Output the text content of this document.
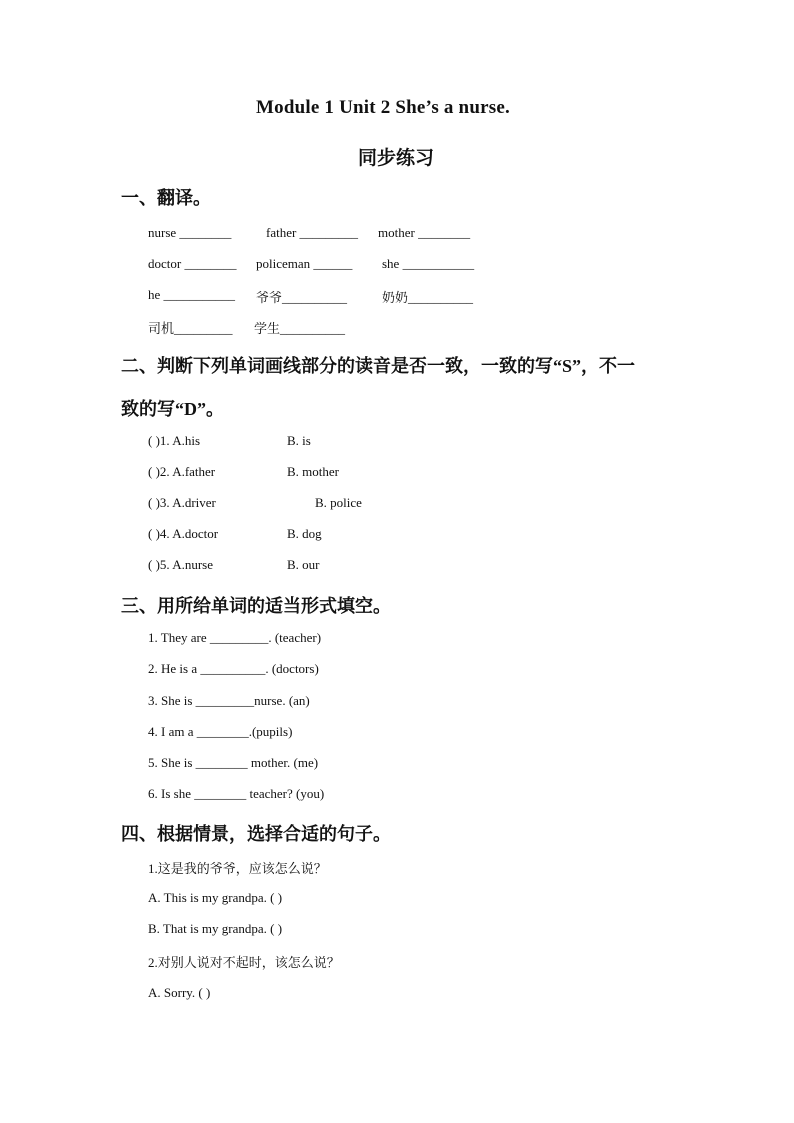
Module 1 Unit 2 She’s a nurse.
同步练习
一、翻译。
nurse ________	father _________ mother ________
doctor ________ policeman ______ she ___________
he ___________ 爷爷__________	奶奶__________
司机_________ 学生__________
二、判断下列单词画线部分的读音是否一致，一致的写“S”，不一
致的写“D”。
( )1. A.his	B. is
( )2. A.father	B. mother
( )3. A.driver	B. police
( )4. A.doctor	B. dog
( )5. A.nurse	B. our
三、用所给单词的适当形式填空。
1. They are _________. (teacher)
2. He is a __________. (doctors)
3. She is _________nurse. (an)
4. I am a ________.(pupils)
5. She is ________ mother. (me)
6. Is she ________ teacher? (you)
四、根据情景，选择合适的句子。
1.这是我的爷爷，应该怎么说？
A. This is my grandpa. ( )
B. That is my grandpa. ( )
2.对别人说对不起时，该怎么说？
A. Sorry. ( )
